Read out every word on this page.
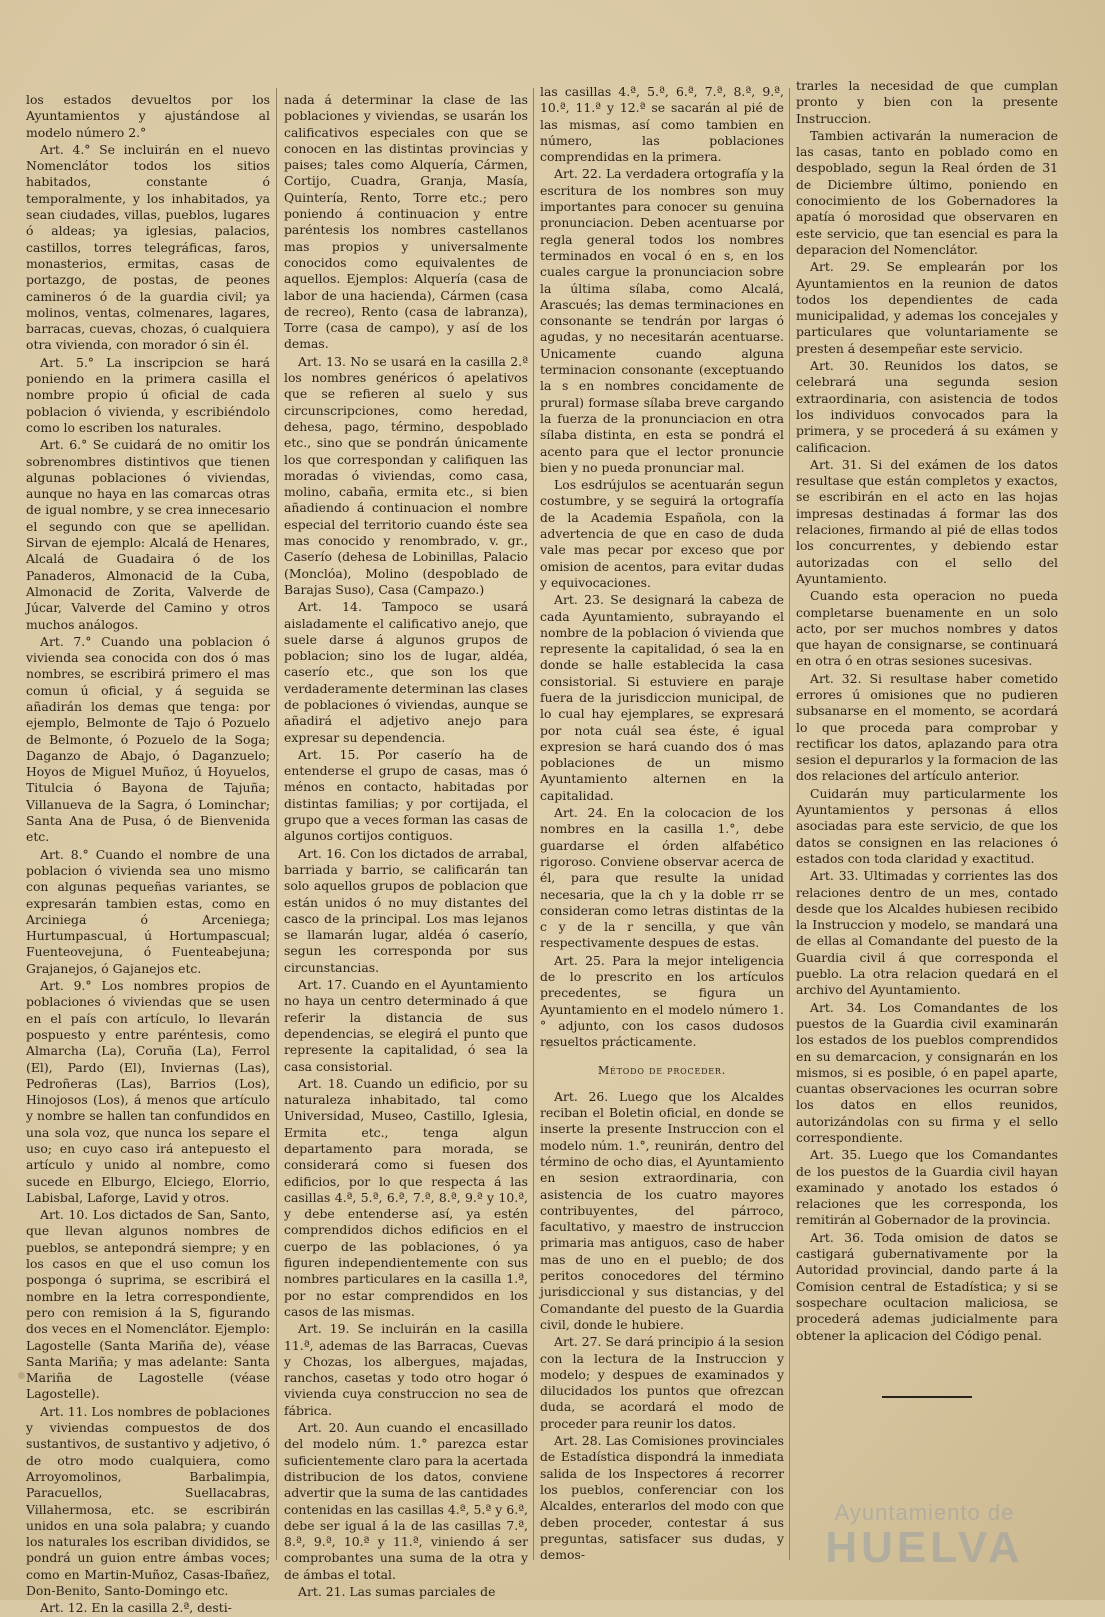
los estados devueltos por los Ayuntamientos y ajustándose al modelo número 2.°

Art. 4.° Se incluirán en el nuevo Nomenclátor todos los sitios habitados, constante ó temporalmente, y los inhabitados, ya sean ciudades, villas, pueblos, lugares ó aldeas; ya iglesias, palacios, castillos, torres telegráficas, faros, monasterios, ermitas, casas de portazgo, de postas, de peones camineros ó de la guardia civil; ya molinos, ventas, colmenares, lagares, barracas, cuevas, chozas, ó cualquiera otra vivienda, con morador ó sin él.

Art. 5.° La inscripcion se hará poniendo en la primera casilla el nombre propio ú oficial de cada poblacion ó vivienda, y escribiéndolo como lo escriben los naturales.

Art. 6.° Se cuidará de no omitir los sobrenombres distintivos que tienen algunas poblaciones ó viviendas, aunque no haya en las comarcas otras de igual nombre, y se crea innecesario el segundo con que se apellidan. Sirvan de ejemplo: Alcalá de Henares, Alcalá de Guadaira ó de los Panaderos, Almonacid de la Cuba, Almonacid de Zorita, Valverde de Júcar, Valverde del Camino y otros muchos análogos.

Art. 7.° Cuando una poblacion ó vivienda sea conocida con dos ó mas nombres, se escribirá primero el mas comun ú oficial, y á seguida se añadirán los demas que tenga: por ejemplo, Belmonte de Tajo ó Pozuelo de Belmonte, ó Pozuelo de la Soga; Daganzo de Abajo, ó Daganzuelo; Hoyos de Miguel Muñoz, ú Hoyuelos, Titulcia ó Bayona de Tajuña; Villanueva de la Sagra, ó Lominchar; Santa Ana de Pusa, ó de Bienvenida etc.

Art. 8.° Cuando el nombre de una poblacion ó vivienda sea uno mismo con algunas pequeñas variantes, se expresarán tambien estas, como en Arciniega ó Arceniega; Hurtumpascual, ú Hortumpascual; Fuenteovejuna, ó Fuenteabejuna; Grajanejos, ó Gajanejos etc.

Art. 9.° Los nombres propios de poblaciones ó viviendas que se usen en el país con artículo, lo llevarán pospuesto y entre paréntesis, como Almarcha (La), Coruña (La), Ferrol (El), Pardo (El), Inviernas (Las), Pedroñeras (Las), Barrios (Los), Hinojosos (Los), á menos que artículo y nombre se hallen tan confundidos en una sola voz, que nunca los separe el uso; en cuyo caso irá antepuesto el artículo y unido al nombre, como sucede en Elburgo, Elciego, Elorrio, Labisbal, Laforge, Lavid y otros.

Art. 10. Los dictados de San, Santo, que llevan algunos nombres de pueblos, se antepondrá siempre; y en los casos en que el uso comun los posponga ó suprima, se escribirá el nombre en la letra correspondiente, pero con remision á la S, figurando dos veces en el Nomenclátor. Ejemplo: Lagostelle (Santa Mariña de), véase Santa Mariña; y mas adelante: Santa Mariña de Lagostelle (véase Lagostelle).

Art. 11. Los nombres de poblaciones y viviendas compuestos de dos sustantivos, de sustantivo y adjetivo, ó de otro modo cualquiera, como Arroyomolinos, Barbalimpia, Paracuellos, Suellacabras, Villahermosa, etc. se escribirán unidos en una sola palabra; y cuando los naturales los escriban divididos, se pondrá un guion entre ámbas voces; como en Martin-Muñoz, Casas-Ibañez, Don-Benito, Santo-Domingo etc.

Art. 12. En la casilla 2.ª, desti-

nada á determinar la clase de las poblaciones y viviendas, se usarán los calificativos especiales con que se conocen en las distintas provincias y paises; tales como Alquería, Cármen, Cortijo, Cuadra, Granja, Masía, Quintería, Rento, Torre etc.; pero poniendo á continuacion y entre paréntesis los nombres castellanos mas propios y universalmente conocidos como equivalentes de aquellos. Ejemplos: Alquería (casa de labor de una hacienda), Cármen (casa de recreo), Rento (casa de labranza), Torre (casa de campo), y así de los demas.

Art. 13. No se usará en la casilla 2.ª los nombres genéricos ó apelativos que se refieren al suelo y sus circunscripciones, como heredad, dehesa, pago, término, despoblado etc., sino que se pondrán únicamente los que correspondan y califiquen las moradas ó viviendas, como casa, molino, cabaña, ermita etc., si bien añadiendo á continuacion el nombre especial del territorio cuando éste sea mas conocido y renombrado, v. gr., Caserío (dehesa de Lobinillas, Palacio (Monclóa), Molino (despoblado de Barajas Suso), Casa (Campazo.)

Art. 14. Tampoco se usará aisladamente el calificativo anejo, que suele darse á algunos grupos de poblacion; sino los de lugar, aldéa, caserío etc., que son los que verdaderamente determinan las clases de poblaciones ó viviendas, aunque se añadirá el adjetivo anejo para expresar su dependencia.

Art. 15. Por caserío ha de entenderse el grupo de casas, mas ó ménos en contacto, habitadas por distintas familias; y por cortijada, el grupo que a veces forman las casas de algunos cortijos contiguos.

Art. 16. Con los dictados de arrabal, barriada y barrio, se calificarán tan solo aquellos grupos de poblacion que están unidos ó no muy distantes del casco de la principal. Los mas lejanos se llamarán lugar, aldéa ó caserío, segun les corresponda por sus circunstancias.

Art. 17. Cuando en el Ayuntamiento no haya un centro determinado á que referir la distancia de sus dependencias, se elegirá el punto que represente la capitalidad, ó sea la casa consistorial.

Art. 18. Cuando un edificio, por su naturaleza inhabitado, tal como Universidad, Museo, Castillo, Iglesia, Ermita etc., tenga algun departamento para morada, se considerará como si fuesen dos edificios, por lo que respecta á las casillas 4.ª, 5.ª, 6.ª, 7.ª, 8.ª, 9.ª y 10.ª, y debe entenderse así, ya estén comprendidos dichos edificios en el cuerpo de las poblaciones, ó ya figuren independientemente con sus nombres particulares en la casilla 1.ª, por no estar comprendidos en los casos de las mismas.

Art. 19. Se incluirán en la casilla 11.ª, ademas de las Barracas, Cuevas y Chozas, los albergues, majadas, ranchos, casetas y todo otro hogar ó vivienda cuya construccion no sea de fábrica.

Art. 20. Aun cuando el encasillado del modelo núm. 1.° parezca estar suficientemente claro para la acertada distribucion de los datos, conviene advertir que la suma de las cantidades contenidas en las casillas 4.ª, 5.ª y 6.ª, debe ser igual á la de las casillas 7.ª, 8.ª, 9.ª, 10.ª y 11.ª, viniendo á ser comprobantes una suma de la otra y de ámbas el total.

Art. 21. Las sumas parciales de

las casillas 4.ª, 5.ª, 6.ª, 7.ª, 8.ª, 9.ª, 10.ª, 11.ª y 12.ª se sacarán al pié de las mismas, así como tambien en número, las poblaciones comprendidas en la primera.

Art. 22. La verdadera ortografía y la escritura de los nombres son muy importantes para conocer su genuina pronunciacion. Deben acentuarse por regla general todos los nombres terminados en vocal ó en s, en los cuales cargue la pronunciacion sobre la última sílaba, como Alcalá, Arascués; las demas terminaciones en consonante se tendrán por largas ó agudas, y no necesitarán acentuarse. Unicamente cuando alguna terminacion consonante (exceptuando la s en nombres concidamente de prural) formase sílaba breve cargando la fuerza de la pronunciacion en otra sílaba distinta, en esta se pondrá el acento para que el lector pronuncie bien y no pueda pronunciar mal.

Los esdrújulos se acentuarán segun costumbre, y se seguirá la ortografía de la Academia Española, con la advertencia de que en caso de duda vale mas pecar por exceso que por omision de acentos, para evitar dudas y equivocaciones.

Art. 23. Se designará la cabeza de cada Ayuntamiento, subrayando el nombre de la poblacion ó vivienda que represente la capitalidad, ó sea la en donde se halle establecida la casa consistorial. Si estuviere en paraje fuera de la jurisdiccion municipal, de lo cual hay ejemplares, se expresará por nota cuál sea éste, é igual expresion se hará cuando dos ó mas poblaciones de un mismo Ayuntamiento alternen en la capitalidad.

Art. 24. En la colocacion de los nombres en la casilla 1.°, debe guardarse el órden alfabético rigoroso. Conviene observar acerca de él, para que resulte la unidad necesaria, que la ch y la doble rr se consideran como letras distintas de la c y de la r sencilla, y que vân respectivamente despues de estas.

Art. 25. Para la mejor inteligencia de lo prescrito en los artículos precedentes, se figura un Ayuntamiento en el modelo número 1.° adjunto, con los casos dudosos resueltos prácticamente.

Método de proceder.

Art. 26. Luego que los Alcaldes reciban el Boletin oficial, en donde se inserte la presente Instruccion con el modelo núm. 1.°, reunirán, dentro del término de ocho dias, el Ayuntamiento en sesion extraordinaria, con asistencia de los cuatro mayores contribuyentes, del párroco, facultativo, y maestro de instruccion primaria mas antiguos, caso de haber mas de uno en el pueblo; de dos peritos conocedores del término jurisdiccional y sus distancias, y del Comandante del puesto de la Guardia civil, donde le hubiere.

Art. 27. Se dará principio á la sesion con la lectura de la Instruccion y modelo; y despues de examinados y dilucidados los puntos que ofrezcan duda, se acordará el modo de proceder para reunir los datos.

Art. 28. Las Comisiones provinciales de Estadística dispondrá la inmediata salida de los Inspectores á recorrer los pueblos, conferenciar con los Alcaldes, enterarlos del modo con que deben proceder, contestar á sus preguntas, satisfacer sus dudas, y demos-

trarles la necesidad de que cumplan pronto y bien con la presente Instruccion.

Tambien activarán la numeracion de las casas, tanto en poblado como en despoblado, segun la Real órden de 31 de Diciembre último, poniendo en conocimiento de los Gobernadores la apatía ó morosidad que observaren en este servicio, que tan esencial es para la deparacion del Nomenclátor.

Art. 29. Se emplearán por los Ayuntamientos en la reunion de datos todos los dependientes de cada municipalidad, y ademas los concejales y particulares que voluntariamente se presten á desempeñar este servicio.

Art. 30. Reunidos los datos, se celebrará una segunda sesion extraordinaria, con asistencia de todos los individuos convocados para la primera, y se procederá á su exámen y calificacion.

Art. 31. Si del exámen de los datos resultase que están completos y exactos, se escribirán en el acto en las hojas impresas destinadas á formar las dos relaciones, firmando al pié de ellas todos los concurrentes, y debiendo estar autorizadas con el sello del Ayuntamiento.

Cuando esta operacion no pueda completarse buenamente en un solo acto, por ser muchos nombres y datos que hayan de consignarse, se continuará en otra ó en otras sesiones sucesivas.

Art. 32. Si resultase haber cometido errores ú omisiones que no pudieren subsanarse en el momento, se acordará lo que proceda para comprobar y rectificar los datos, aplazando para otra sesion el depurarlos y la formacion de las dos relaciones del artículo anterior.

Cuidarán muy particularmente los Ayuntamientos y personas á ellos asociadas para este servicio, de que los datos se consignen en las relaciones ó estados con toda claridad y exactitud.

Art. 33. Ultimadas y corrientes las dos relaciones dentro de un mes, contado desde que los Alcaldes hubiesen recibido la Instruccion y modelo, se mandará una de ellas al Comandante del puesto de la Guardia civil á que corresponda el pueblo. La otra relacion quedará en el archivo del Ayuntamiento.

Art. 34. Los Comandantes de los puestos de la Guardia civil examinarán los estados de los pueblos comprendidos en su demarcacion, y consignarán en los mismos, si es posible, ó en papel aparte, cuantas observaciones les ocurran sobre los datos en ellos reunidos, autorizándolas con su firma y el sello correspondiente.

Art. 35. Luego que los Comandantes de los puestos de la Guardia civil hayan examinado y anotado los estados ó relaciones que les corresponda, los remitirán al Gobernador de la provincia.

Art. 36. Toda omision de datos se castigará gubernativamente por la Autoridad provincial, dando parte á la Comision central de Estadística; y si se sospechare ocultacion maliciosa, se procederá ademas judicialmente para obtener la aplicacion del Código penal.

Ayuntamiento de
HUELVA
